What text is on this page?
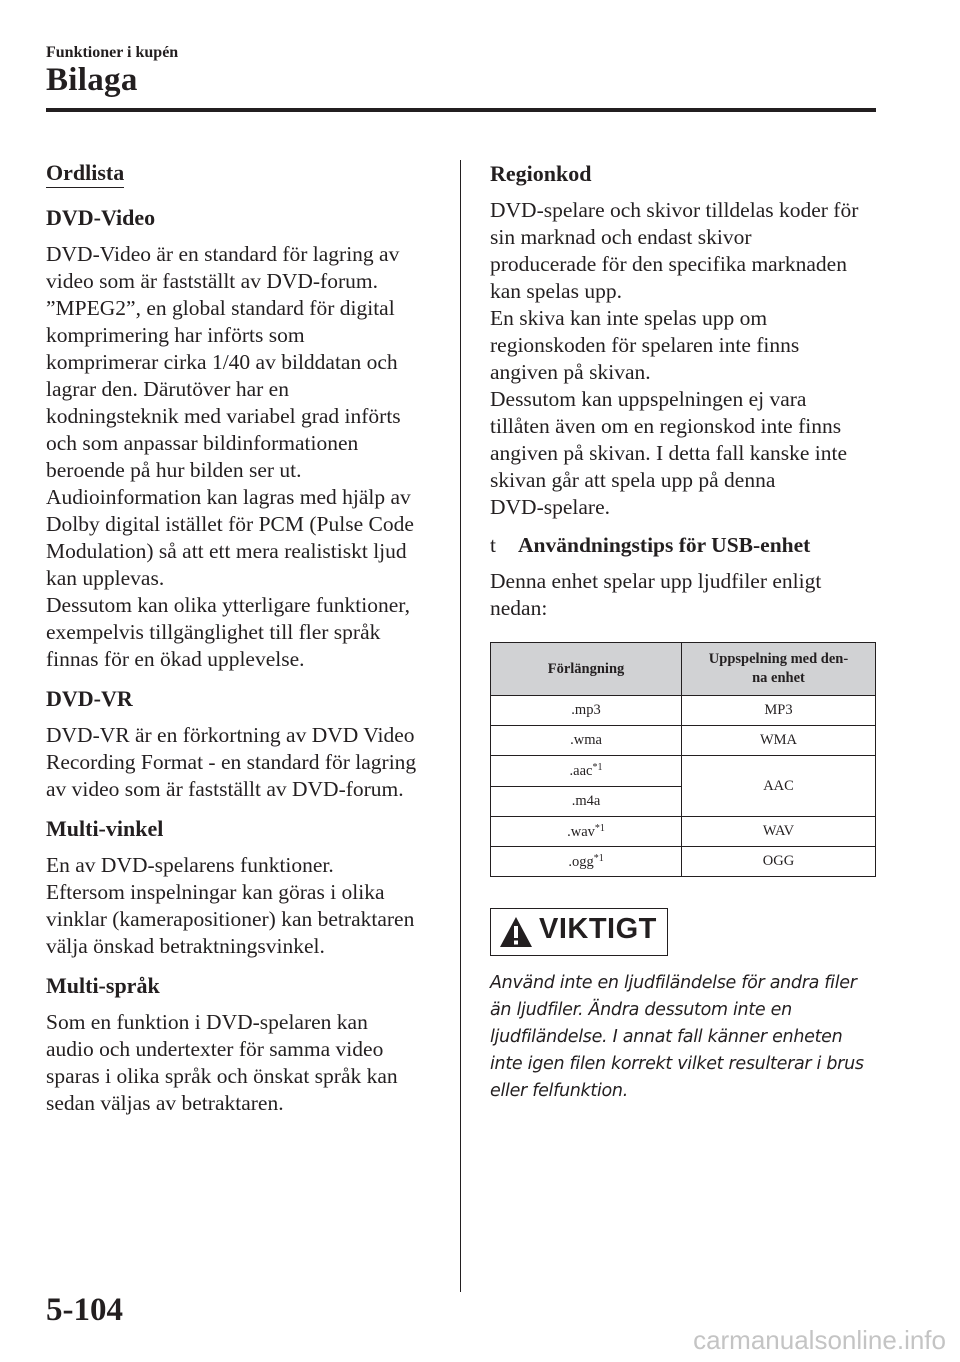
Funktioner i kupén
Bilaga
Ordlista
DVD-Video
DVD-Video är en standard för lagring av
video som är fastställt av DVD-forum.
”MPEG2”, en global standard för digital
komprimering har införts som
komprimerar cirka 1/40 av bilddatan och
lagrar den. Därutöver har en
kodningsteknik med variabel grad införts
och som anpassar bildinformationen
beroende på hur bilden ser ut.
Audioinformation kan lagras med hjälp av
Dolby digital istället för PCM (Pulse Code
Modulation) så att ett mera realistiskt ljud
kan upplevas.
Dessutom kan olika ytterligare funktioner,
exempelvis tillgänglighet till fler språk
finnas för en ökad upplevelse.
DVD-VR
DVD-VR är en förkortning av DVD Video
Recording Format - en standard för lagring
av video som är fastställt av DVD-forum.
Multi-vinkel
En av DVD-spelarens funktioner.
Eftersom inspelningar kan göras i olika
vinklar (kamerapositioner) kan betraktaren
välja önskad betraktningsvinkel.
Multi-språk
Som en funktion i DVD-spelaren kan
audio och undertexter för samma video
sparas i olika språk och önskat språk kan
sedan väljas av betraktaren.
Regionkod
DVD-spelare och skivor tilldelas koder för
sin marknad och endast skivor
producerade för den specifika marknaden
kan spelas upp.
En skiva kan inte spelas upp om
regionskoden för spelaren inte finns
angiven på skivan.
Dessutom kan uppspelningen ej vara
tillåten även om en regionskod inte finns
angiven på skivan. I detta fall kanske inte
skivan går att spela upp på denna
DVD-spelare.
t Användningstips för USB-enhet
Denna enhet spelar upp ljudfiler enligt
nedan:
Förlängning	Uppspelning med den-
na enhet
.mp3	MP3
.wma	WMA
.aac$^{*1}$	AAC
.m4a	
.wav$^{*1}$	WAV
.ogg$^{*1}$	OGG
VIKTIGT
Använd inte en ljudfiländelse för andra filer
än ljudfiler. Ändra dessutom inte en
ljudfiländelse. I annat fall känner enheten
inte igen filen korrekt vilket resulterar i brus
eller felfunktion.
5-104
carmanualsonline.info
